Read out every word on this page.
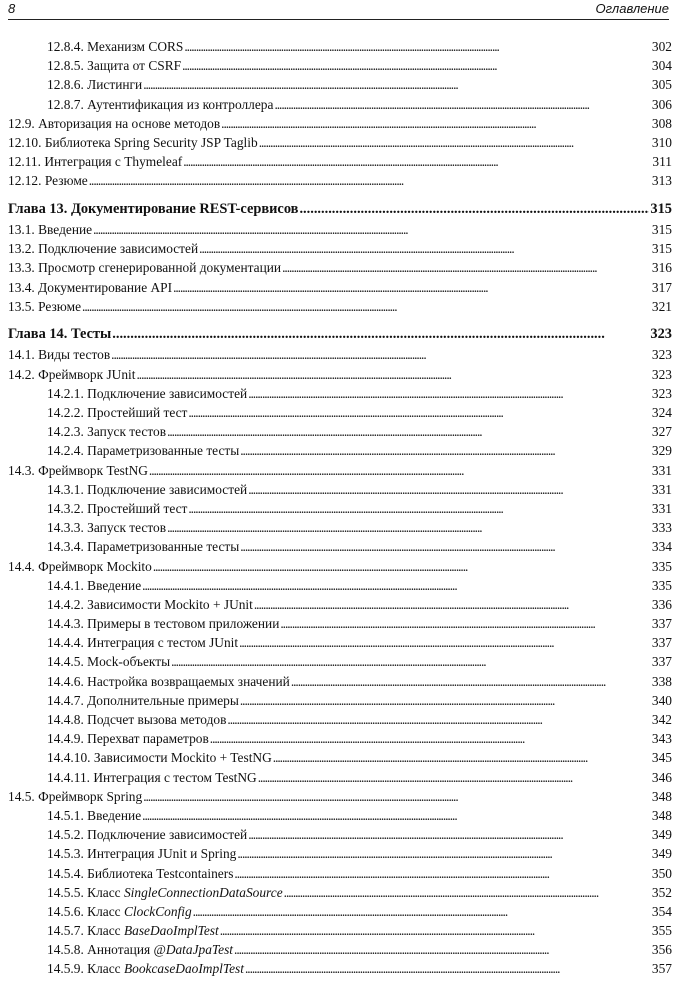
8	Оглавление
12.8.4. Механизм CORS . . .	302
12.8.5. Защита от CSRF . . .	304
12.8.6. Листинги . . .	305
12.8.7. Аутентификация из контроллера . . .	306
12.9. Авторизация на основе методов . . .	308
12.10. Библиотека Spring Security JSP Taglib . . .	310
12.11. Интеграция с Thymeleaf . . .	311
12.12. Резюме . . .	313
Глава 13. Документирование REST-сервисов . . .	315
13.1. Введение . . .	315
13.2. Подключение зависимостей . . .	315
13.3. Просмотр сгенерированной документации . . .	316
13.4. Документирование API . . .	317
13.5. Резюме . . .	321
Глава 14. Тесты . . .	323
14.1. Виды тестов . . .	323
14.2. Фреймворк JUnit . . .	323
14.2.1. Подключение зависимостей . . .	323
14.2.2. Простейший тест . . .	324
14.2.3. Запуск тестов . . .	327
14.2.4. Параметризованные тесты . . .	329
14.3. Фреймворк TestNG . . .	331
14.3.1. Подключение зависимостей . . .	331
14.3.2. Простейший тест . . .	331
14.3.3. Запуск тестов . . .	333
14.3.4. Параметризованные тесты . . .	334
14.4. Фреймворк Mockito . . .	335
14.4.1. Введение . . .	335
14.4.2. Зависимости Mockito + JUnit . . .	336
14.4.3. Примеры в тестовом приложении . . .	337
14.4.4. Интеграция с тестом JUnit . . .	337
14.4.5. Mock-объекты . . .	337
14.4.6. Настройка возвращаемых значений . . .	338
14.4.7. Дополнительные примеры . . .	340
14.4.8. Подсчет вызова методов . . .	342
14.4.9. Перехват параметров . . .	343
14.4.10. Зависимости Mockito + TestNG . . .	345
14.4.11. Интеграция с тестом TestNG . . .	346
14.5. Фреймворк Spring . . .	348
14.5.1. Введение . . .	348
14.5.2. Подключение зависимостей . . .	349
14.5.3. Интеграция JUnit и Spring . . .	349
14.5.4. Библиотека Testcontainers . . .	350
14.5.5. Класс SingleConnectionDataSource . . .	352
14.5.6. Класс ClockConfig . . .	354
14.5.7. Класс BaseDaoImplTest . . .	355
14.5.8. Аннотация @DataJpaTest . . .	356
14.5.9. Класс BookcaseDaoImplTest . . .	357
